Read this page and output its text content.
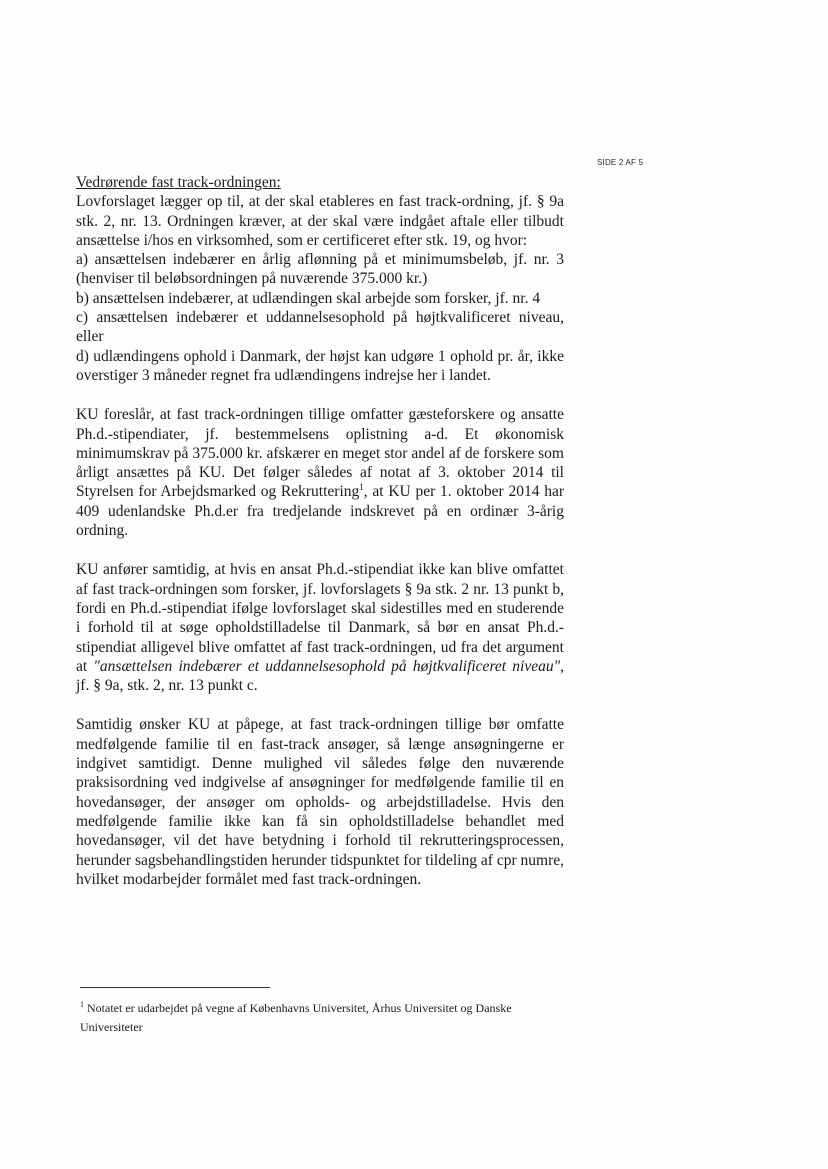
SIDE 2 AF 5

Vedrørende fast track-ordningen:

Lovforslaget lægger op til, at der skal etableres en fast track-ordning, jf. § 9a stk. 2, nr. 13. Ordningen kræver, at der skal være indgået aftale eller tilbudt ansættelse i/hos en virksomhed, som er certificeret efter stk. 19, og hvor:

a) ansættelsen indebærer en årlig aflønning på et minimumsbeløb, jf. nr. 3 (henviser til beløbsordningen på nuværende 375.000 kr.)

b) ansættelsen indebærer, at udlændingen skal arbejde som forsker, jf. nr. 4

c) ansættelsen indebærer et uddannelsesophold på højtkvalificeret niveau, eller

d) udlændingens ophold i Danmark, der højst kan udgøre 1 ophold pr. år, ikke overstiger 3 måneder regnet fra udlændingens indrejse her i landet.

KU foreslår, at fast track-ordningen tillige omfatter gæsteforskere og ansatte Ph.d.-stipendiater, jf. bestemmelsens oplistning a-d. Et økonomisk minimumskrav på 375.000 kr. afskærer en meget stor andel af de forskere som årligt ansættes på KU. Det følger således af notat af 3. oktober 2014 til Styrelsen for Arbejdsmarked og Rekruttering$^1$, at KU per 1. oktober 2014 har 409 udenlandske Ph.d.er fra tredjelande indskrevet på en ordinær 3-årig ordning.

KU anfører samtidig, at hvis en ansat Ph.d.-stipendiat ikke kan blive omfattet af fast track-ordningen som forsker, jf. lovforslagets § 9a stk. 2 nr. 13 punkt b, fordi en Ph.d.-stipendiat ifølge lovforslaget skal sidestilles med en studerende i forhold til at søge opholdstilladelse til Danmark, så bør en ansat Ph.d.-stipendiat alligevel blive omfattet af fast track-ordningen, ud fra det argument at "ansættelsen indebærer et uddannelsesophold på højtkvalificeret niveau", jf. § 9a, stk. 2, nr. 13 punkt c.

Samtidig ønsker KU at påpege, at fast track-ordningen tillige bør omfatte medfølgende familie til en fast-track ansøger, så længe ansøgningerne er indgivet samtidigt. Denne mulighed vil således følge den nuværende praksisordning ved indgivelse af ansøgninger for medfølgende familie til en hovedansøger, der ansøger om opholds- og arbejdstilladelse. Hvis den medfølgende familie ikke kan få sin opholdstilladelse behandlet med hovedansøger, vil det have betydning i forhold til rekrutteringsprocessen, herunder sagsbehandlingstiden herunder tidspunktet for tildeling af cpr numre, hvilket modarbejder formålet med fast track-ordningen.

$^1$ Notatet er udarbejdet på vegne af Københavns Universitet, Århus Universitet og Danske Universiteter
